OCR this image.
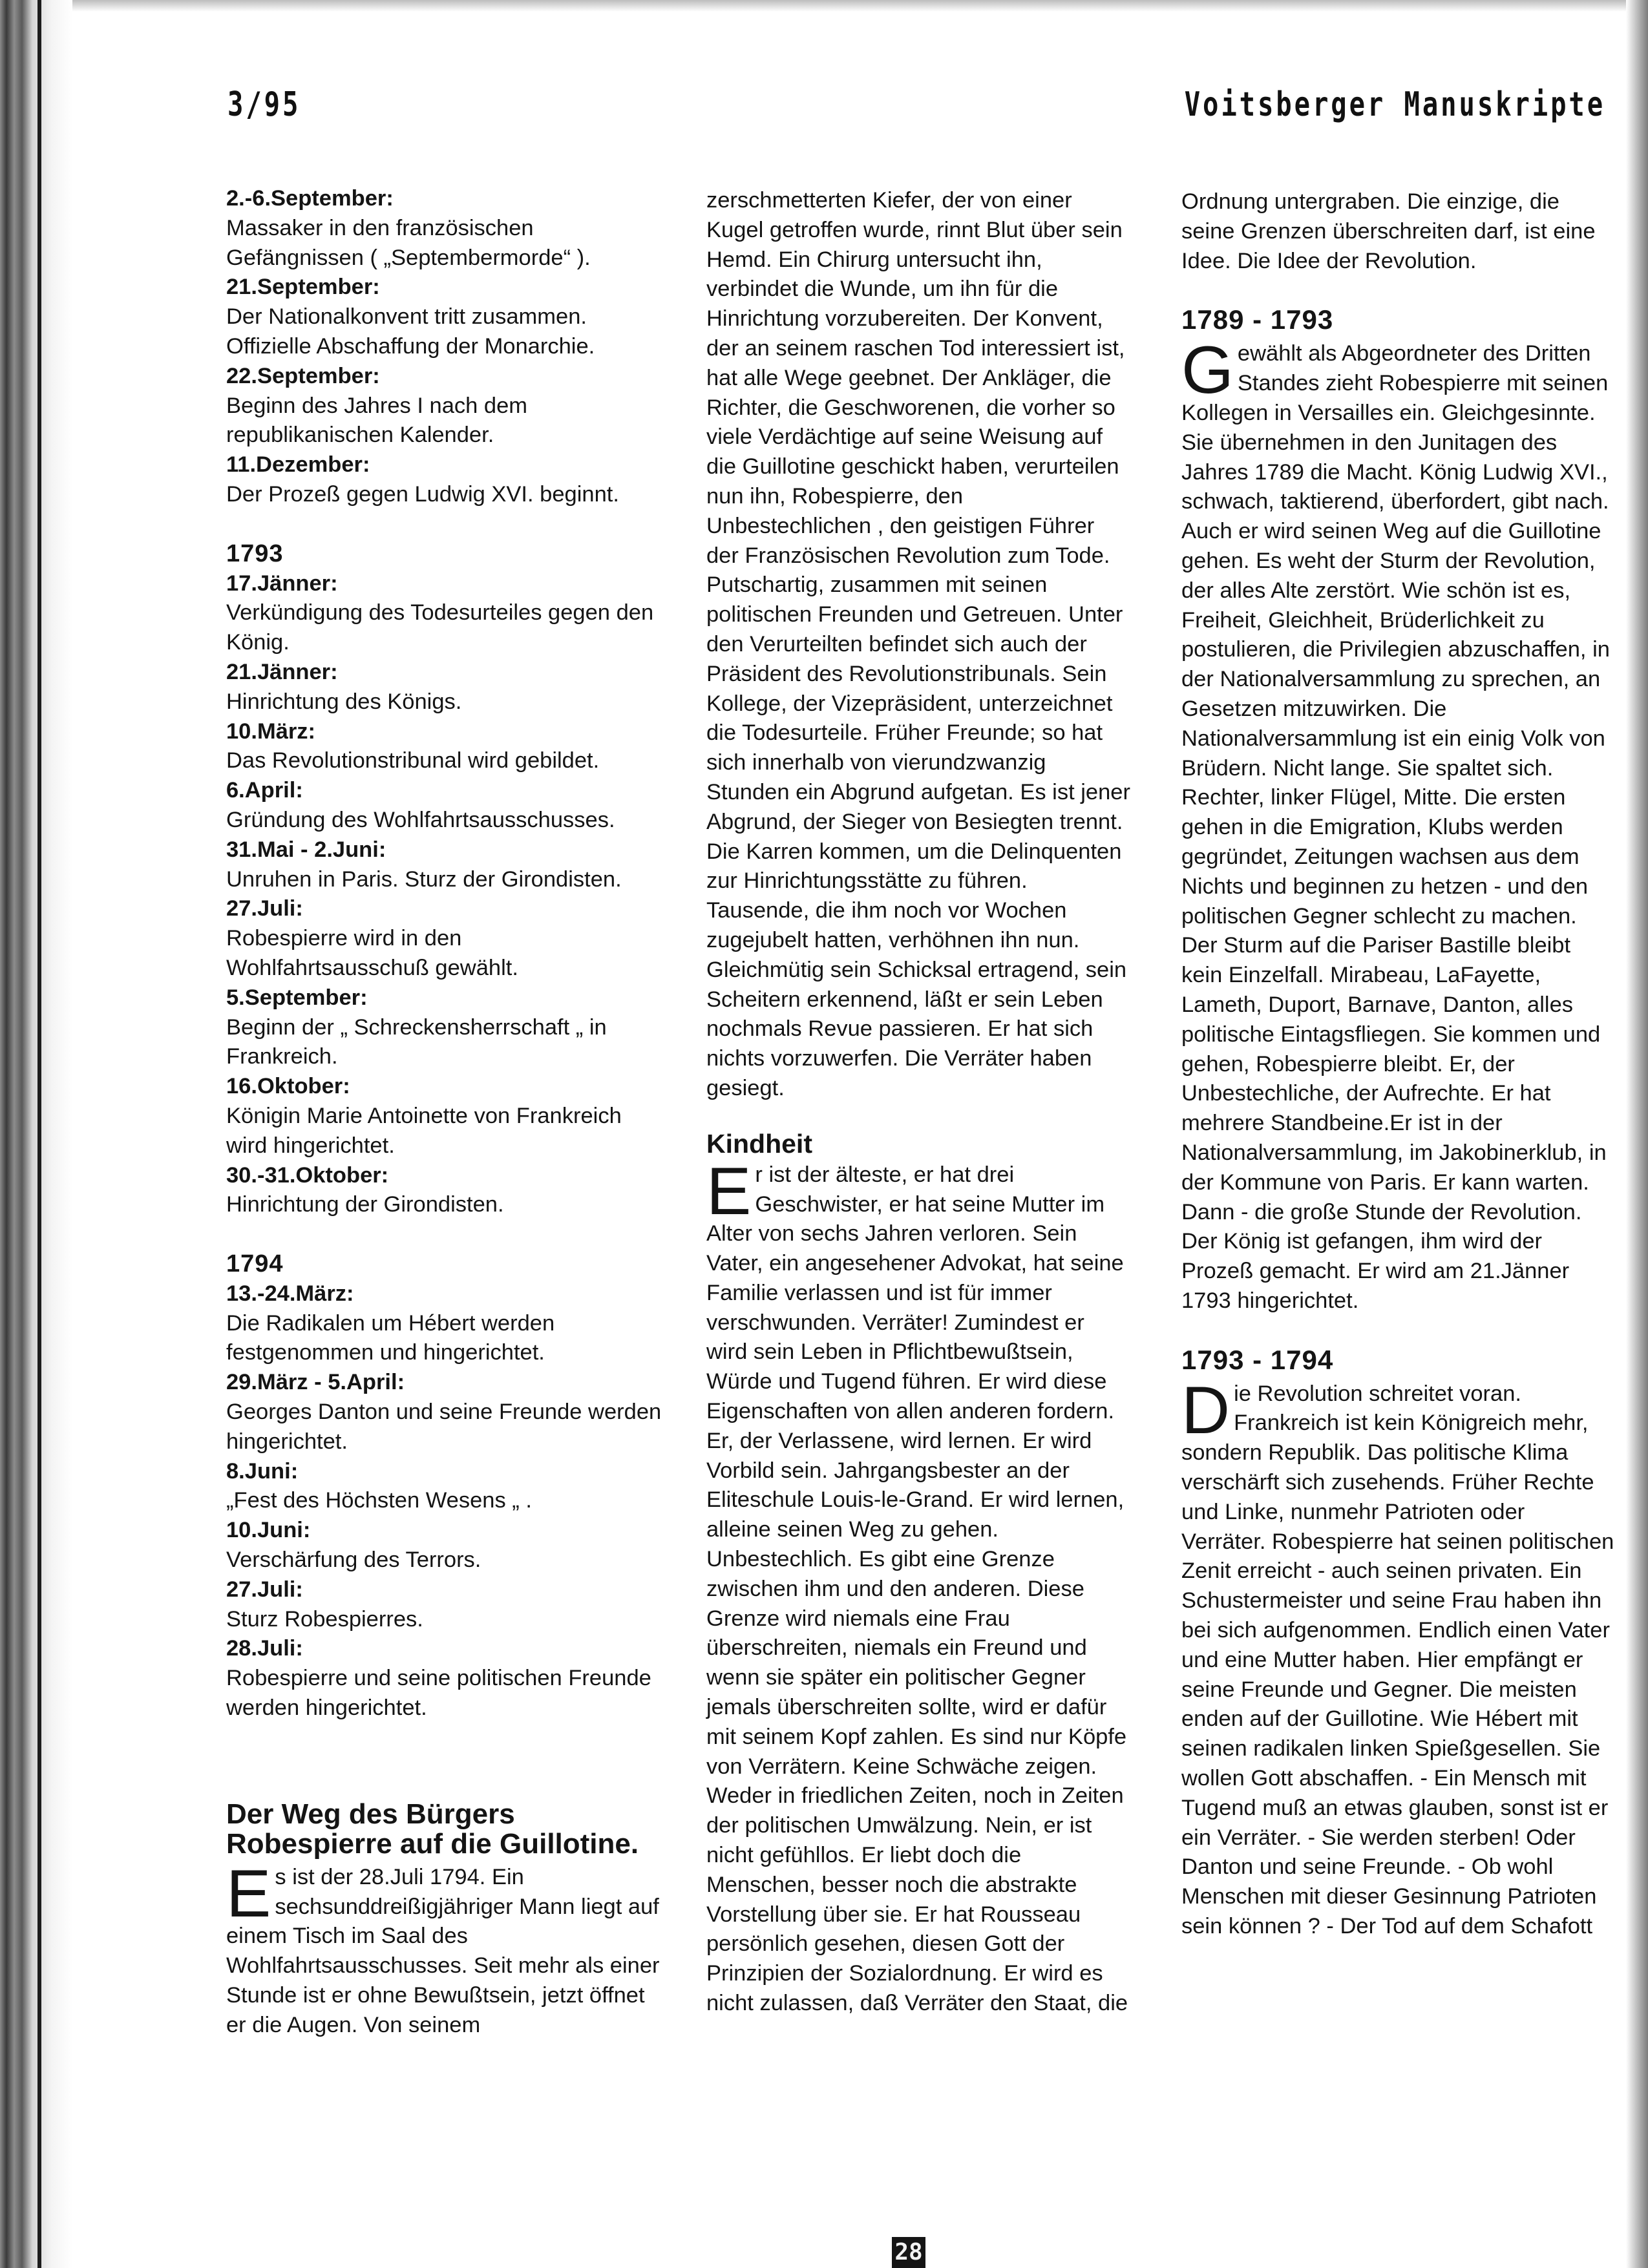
3/95	Voitsberger Manuskripte
2.-6.September:
Massaker in den französischen Gefängnissen ( „Septembermorde“ ).
21.September:
Der Nationalkonvent tritt zusammen. Offizielle Abschaffung der Monarchie.
22.September:
Beginn des Jahres I nach dem republikanischen Kalender.
11.Dezember:
Der Prozeß gegen Ludwig XVI. beginnt.
1793
17.Jänner:
Verkündigung des Todesurteiles gegen den König.
21.Jänner:
Hinrichtung des Königs.
10.März:
Das Revolutionstribunal wird gebildet.
6.April:
Gründung des Wohlfahrtsausschusses.
31.Mai - 2.Juni:
Unruhen in Paris. Sturz der Girondisten.
27.Juli:
Robespierre wird in den Wohlfahrtsausschuß gewählt.
5.September:
Beginn der „ Schreckensherrschaft „ in Frankreich.
16.Oktober:
Königin Marie Antoinette von Frankreich wird hingerichtet.
30.-31.Oktober:
Hinrichtung der Girondisten.
1794
13.-24.März:
Die Radikalen um Hébert werden festgenommen und hingerichtet.
29.März - 5.April:
Georges Danton und seine Freunde werden hingerichtet.
8.Juni:
„Fest des Höchsten Wesens „ .
10.Juni:
Verschärfung des Terrors.
27.Juli:
Sturz Robespierres.
28.Juli:
Robespierre und seine politischen Freunde werden hingerichtet.
Der Weg des Bürgers Robespierre auf die Guillotine.
Es ist der 28.Juli 1794. Ein sechsunddreißigjähriger Mann liegt auf einem Tisch im Saal des Wohlfahrtsausschusses. Seit mehr als einer Stunde ist er ohne Bewußtsein, jetzt öffnet er die Augen. Von seinem
zerschmetterten Kiefer, der von einer Kugel getroffen wurde, rinnt Blut über sein Hemd. Ein Chirurg untersucht ihn, verbindet die Wunde, um ihn für die Hinrichtung vorzubereiten. Der Konvent, der an seinem raschen Tod interessiert ist, hat alle Wege geebnet. Der Ankläger, die Richter, die Geschworenen, die vorher so viele Verdächtige auf seine Weisung auf die Guillotine geschickt haben, verurteilen nun ihn, Robespierre, den Unbestechlichen , den geistigen Führer der Französischen Revolution zum Tode. Putschartig, zusammen mit seinen politischen Freunden und Getreuen. Unter den Verurteilten befindet sich auch der Präsident des Revolutionstribunals. Sein Kollege, der Vizepräsident, unterzeichnet die Todesurteile. Früher Freunde; so hat sich innerhalb von vierundzwanzig Stunden ein Abgrund aufgetan. Es ist jener Abgrund, der Sieger von Besiegten trennt. Die Karren kommen, um die Delinquenten zur Hinrichtungsstätte zu führen. Tausende, die ihm noch vor Wochen zugejubelt hatten, verhöhnen ihn nun. Gleichmütig sein Schicksal ertragend, sein Scheitern erkennend, läßt er sein Leben nochmals Revue passieren. Er hat sich nichts vorzuwerfen. Die Verräter haben gesiegt.
Kindheit
Er ist der älteste, er hat drei Geschwister, er hat seine Mutter im Alter von sechs Jahren verloren. Sein Vater, ein angesehener Advokat, hat seine Familie verlassen und ist für immer verschwunden. Verräter! Zumindest er wird sein Leben in Pflichtbewußtsein, Würde und Tugend führen. Er wird diese Eigenschaften von allen anderen fordern. Er, der Verlassene, wird lernen. Er wird Vorbild sein. Jahrgangsbester an der Eliteschule Louis-le-Grand. Er wird lernen, alleine seinen Weg zu gehen. Unbestechlich. Es gibt eine Grenze zwischen ihm und den anderen. Diese Grenze wird niemals eine Frau überschreiten, niemals ein Freund und wenn sie später ein politischer Gegner jemals überschreiten sollte, wird er dafür mit seinem Kopf zahlen. Es sind nur Köpfe von Verrätern. Keine Schwäche zeigen. Weder in friedlichen Zeiten, noch in Zeiten der politischen Umwälzung. Nein, er ist nicht gefühllos. Er liebt doch die Menschen, besser noch die abstrakte Vorstellung über sie. Er hat Rousseau persönlich gesehen, diesen Gott der Prinzipien der Sozialordnung. Er wird es nicht zulassen, daß Verräter den Staat, die
Ordnung untergraben. Die einzige, die seine Grenzen überschreiten darf, ist eine Idee. Die Idee der Revolution.
1789 - 1793
Gewählt als Abgeordneter des Dritten Standes zieht Robespierre mit seinen Kollegen in Versailles ein. Gleichgesinnte. Sie übernehmen in den Junitagen des Jahres 1789 die Macht. König Ludwig XVI., schwach, taktierend, überfordert, gibt nach. Auch er wird seinen Weg auf die Guillotine gehen. Es weht der Sturm der Revolution, der alles Alte zerstört. Wie schön ist es, Freiheit, Gleichheit, Brüderlichkeit zu postulieren, die Privilegien abzuschaffen, in der Nationalversammlung zu sprechen, an Gesetzen mitzuwirken. Die Nationalversammlung ist ein einig Volk von Brüdern. Nicht lange. Sie spaltet sich. Rechter, linker Flügel, Mitte. Die ersten gehen in die Emigration, Klubs werden gegründet, Zeitungen wachsen aus dem Nichts und beginnen zu hetzen - und den politischen Gegner schlecht zu machen. Der Sturm auf die Pariser Bastille bleibt kein Einzelfall. Mirabeau, LaFayette, Lameth, Duport, Barnave, Danton, alles politische Eintagsfliegen. Sie kommen und gehen, Robespierre bleibt. Er, der Unbestechliche, der Aufrechte. Er hat mehrere Standbeine.Er ist in der Nationalversammlung, im Jakobinerklub, in der Kommune von Paris. Er kann warten. Dann - die große Stunde der Revolution. Der König ist gefangen, ihm wird der Prozeß gemacht. Er wird am 21.Jänner 1793 hingerichtet.
1793 - 1794
Die Revolution schreitet voran. Frankreich ist kein Königreich mehr, sondern Republik. Das politische Klima verschärft sich zusehends. Früher Rechte und Linke, nunmehr Patrioten oder Verräter. Robespierre hat seinen politischen Zenit erreicht - auch seinen privaten. Ein Schustermeister und seine Frau haben ihn bei sich aufgenommen. Endlich einen Vater und eine Mutter haben. Hier empfängt er seine Freunde und Gegner. Die meisten enden auf der Guillotine. Wie Hébert mit seinen radikalen linken Spießgesellen. Sie wollen Gott abschaffen. - Ein Mensch mit Tugend muß an etwas glauben, sonst ist er ein Verräter. - Sie werden sterben! Oder Danton und seine Freunde. - Ob wohl Menschen mit dieser Gesinnung Patrioten sein können ? - Der Tod auf dem Schafott
28
